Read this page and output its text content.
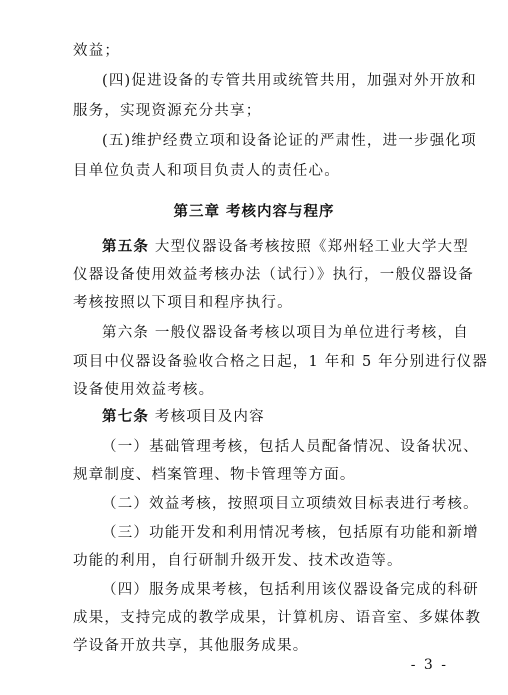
效益；
(四)促进设备的专管共用或统管共用，加强对外开放和
服务，实现资源充分共享；
(五)维护经费立项和设备论证的严肃性，进一步强化项
目单位负责人和项目负责人的责任心。
第三章 考核内容与程序
第五条 大型仪器设备考核按照《郑州轻工业大学大型
仪器设备使用效益考核办法（试行）》执行，一般仪器设备
考核按照以下项目和程序执行。
第六条 一般仪器设备考核以项目为单位进行考核，自
项目中仪器设备验收合格之日起，1 年和 5 年分别进行仪器
设备使用效益考核。
第七条 考核项目及内容
（一）基础管理考核，包括人员配备情况、设备状况、
规章制度、档案管理、物卡管理等方面。
（二）效益考核，按照项目立项绩效目标表进行考核。
（三）功能开发和利用情况考核，包括原有功能和新增
功能的利用，自行研制升级开发、技术改造等。
（四）服务成果考核，包括利用该仪器设备完成的科研
成果，支持完成的教学成果，计算机房、语音室、多媒体教
学设备开放共享，其他服务成果。
- 3 -
